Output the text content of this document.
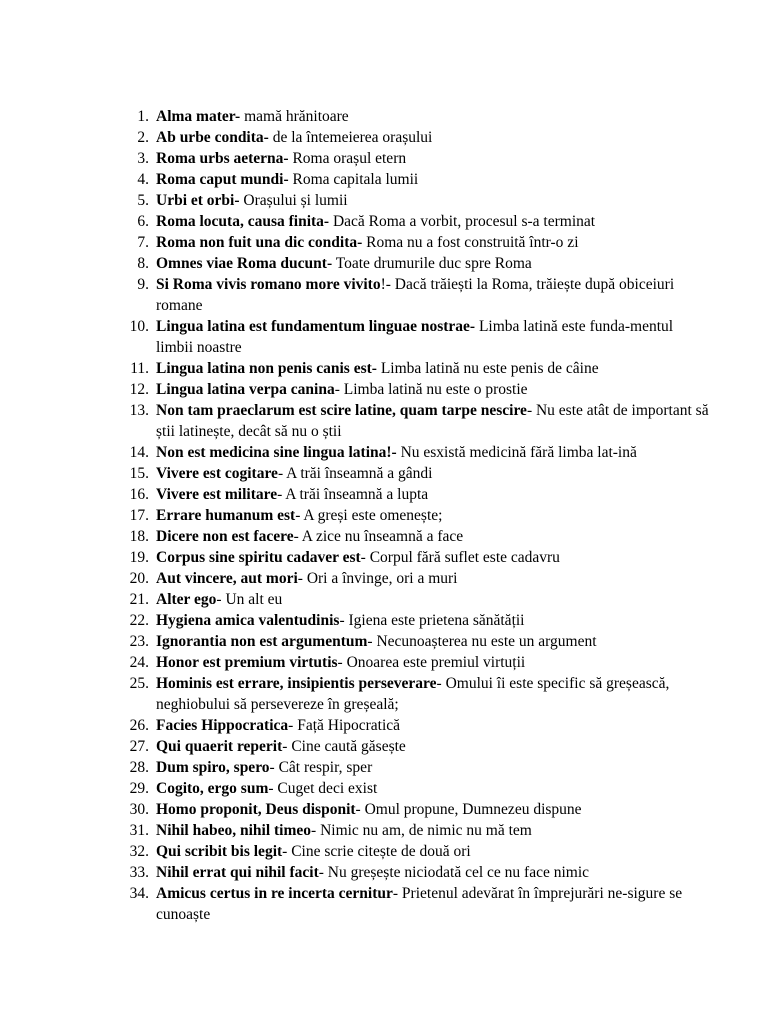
1. Alma mater- mamă hrănitoare
2. Ab urbe condita- de la întemeierea orașului
3. Roma urbs aeterna- Roma orașul etern
4. Roma caput mundi- Roma capitala lumii
5. Urbi et orbi- Orașului și lumii
6. Roma locuta, causa finita- Dacă Roma a vorbit, procesul s-a terminat
7. Roma non fuit una dic condita- Roma nu a fost construită într-o zi
8. Omnes viae Roma ducunt- Toate drumurile duc spre Roma
9. Si Roma vivis romano more vivito!- Dacă trăiești la Roma, trăiește după obiceiuri romane
10. Lingua latina est fundamentum linguae nostrae- Limba latină este funda-mentul limbii noastre
11. Lingua latina non penis canis est- Limba latină nu este penis de câine
12. Lingua latina verpa canina- Limba latină nu este o prostie
13. Non tam praeclarum est scire latine, quam tarpe nescire- Nu este atât de important să știi latinește, decât să nu o știi
14. Non est medicina sine lingua latina!- Nu esxistă medicină fără limba lat-ină
15. Vivere est cogitare- A trăi înseamnă a gândi
16. Vivere est militare- A trăi înseamnă a lupta
17. Errare humanum est- A greși este omenește;
18. Dicere non est facere- A zice nu înseamnă a face
19. Corpus sine spiritu cadaver est- Corpul fără suflet este cadavru
20. Aut vincere, aut mori- Ori a învinge, ori a muri
21. Alter ego- Un alt eu
22. Hygiena amica valentudinis- Igiena este prietena sănătății
23. Ignorantia non est argumentum- Necunoașterea nu este un argument
24. Honor est premium virtutis- Onoarea este premiul virtuții
25. Hominis est errare, insipientis perseverare- Omului îi este specific să greșească, neghiobului să persevereze în greșeală;
26. Facies Hippocratica- Față Hipocratică
27. Qui quaerit reperit- Cine caută găsește
28. Dum spiro, spero- Cât respir, sper
29. Cogito, ergo sum- Cuget deci exist
30. Homo proponit, Deus disponit- Omul propune, Dumnezeu dispune
31. Nihil habeo, nihil timeo- Nimic nu am, de nimic nu mă tem
32. Qui scribit bis legit- Cine scrie citește de două ori
33. Nihil errat qui nihil facit- Nu greșește niciodată cel ce nu face nimic
34. Amicus certus in re incerta cernitur- Prietenul adevărat în împrejurări ne-sigure se cunoaște
